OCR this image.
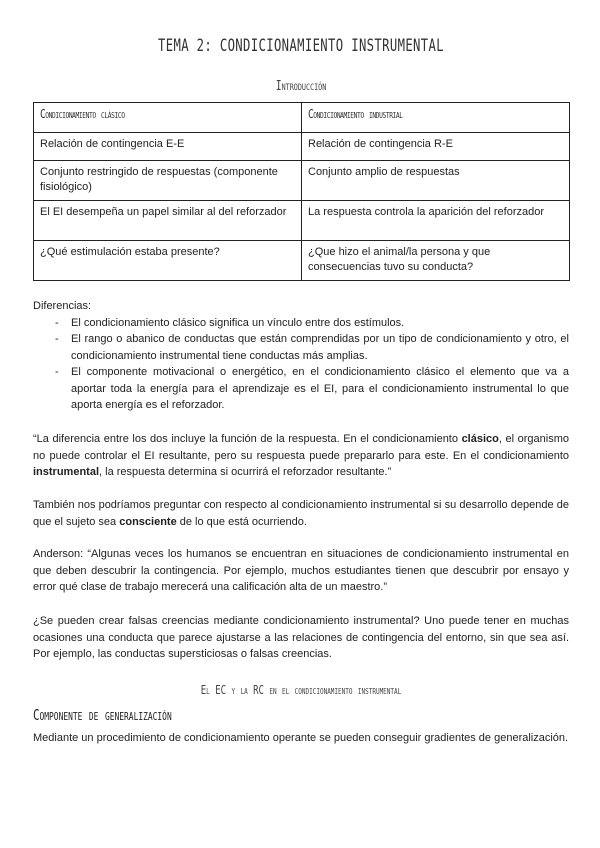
TEMA 2: CONDICIONAMIENTO INSTRUMENTAL
Introducción
Condicionamiento clásico	Condicionamiento industrial
Relación de contingencia E-E	Relación de contingencia R-E
Conjunto restringido de respuestas (componente fisiológico)	Conjunto amplio de respuestas
El EI desempeña un papel similar al del reforzador	La respuesta controla la aparición del reforzador
¿Qué estimulación estaba presente?	¿Que hizo el animal/la persona y que consecuencias tuvo su conducta?
Diferencias:
- El condicionamiento clásico significa un vínculo entre dos estímulos.
- El rango o abanico de conductas que están comprendidas por un tipo de condicionamiento y otro, el condicionamiento instrumental tiene conductas más amplias.
- El componente motivacional o energético, en el condicionamiento clásico el elemento que va a aportar toda la energía para el aprendizaje es el EI, para el condicionamiento instrumental lo que aporta energía es el reforzador.
“La diferencia entre los dos incluye la función de la respuesta. En el condicionamiento clásico, el organismo no puede controlar el EI resultante, pero su respuesta puede prepararlo para este. En el condicionamiento instrumental, la respuesta determina si ocurrirá el reforzador resultante.”
También nos podríamos preguntar con respecto al condicionamiento instrumental si su desarrollo depende de que el sujeto sea consciente de lo que está ocurriendo.
Anderson: “Algunas veces los humanos se encuentran en situaciones de condicionamiento instrumental en que deben descubrir la contingencia. Por ejemplo, muchos estudiantes tienen que descubrir por ensayo y error qué clase de trabajo merecerá una calificación alta de un maestro.”
¿Se pueden crear falsas creencias mediante condicionamiento instrumental? Uno puede tener en muchas ocasiones una conducta que parece ajustarse a las relaciones de contingencia del entorno, sin que sea así. Por ejemplo, las conductas supersticiosas o falsas creencias.
El EC y la RC en el condicionamiento instrumental
Componente de generalización
Mediante un procedimiento de condicionamiento operante se pueden conseguir gradientes de generalización.
